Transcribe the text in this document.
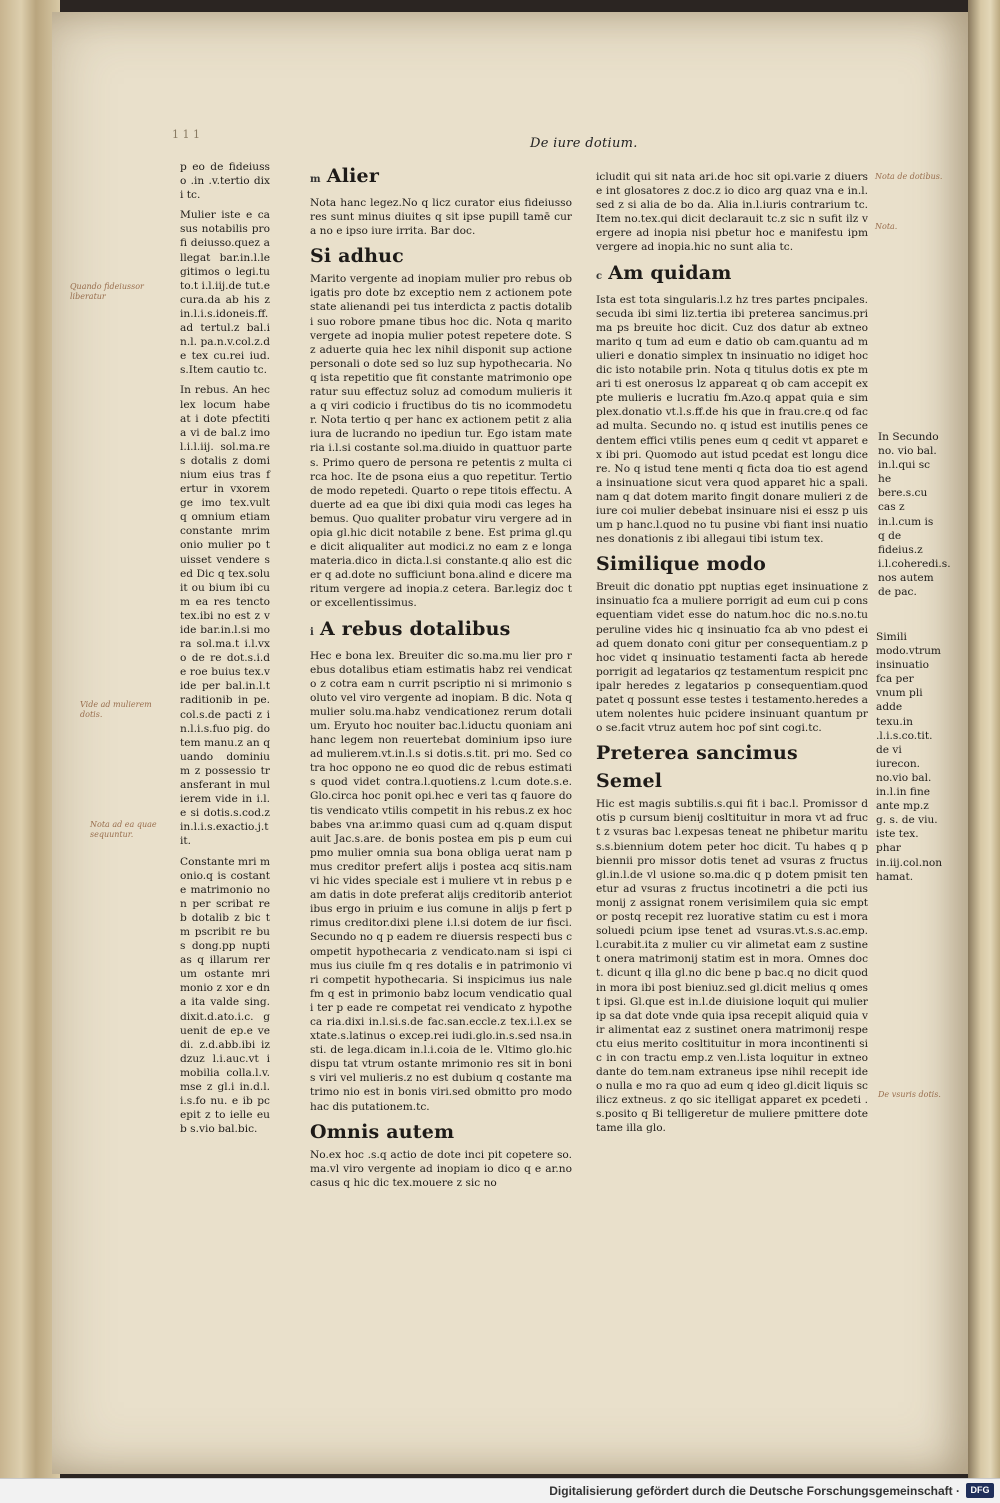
1 1 1
De iure dotium.

p eo de fideiusso .in .v.tertio dixi tc.

Mulier iste e ca sus notabilis pro fi deiusso.quez allegat bar.in.l.legitimos o legi.tuto.t i.l.iij.de tut.e cura.da ab his z in.l.i.s.idoneis.ff. ad tertul.z bal.in.l. pa.n.v.col.z.de tex cu.rei iud.s.Item cautio tc.

In rebus. An hec lex locum habe at i dote pfectitia vi de bal.z imol.i.l.iij. sol.ma.res dotalis z dominium eius tras fertur in vxorem ge imo tex.vult q omnium etiam constante mrimonio mulier po tuisset vendere sed Dic q tex.soluit ou bium ibi cum ea res tencto tex.ibi no est z vide bar.in.l.si mo ra sol.ma.t i.l.vxo de re dot.s.i.de roe buius tex.vide per bal.in.l.traditionib in pe.col.s.de pacti z in.l.i.s.fuo pig. dotem manu.z an quando dominium z possessio transferant in mulierem vide in i.l.e si dotis.s.cod.z in.l.i.s.exactio.j.tit.

Constante mri monio.q is costante matrimonio non per scribat reb dotalib z bic tm pscribit re bus dong.pp nupti as q illarum rerum ostante mrimonio z xor e dna ita valde sing.dixit.d.ato.i.c. guenit de ep.e vedi. z.d.abb.ibi iz dzuz l.i.auc.vt imobilia colla.l.v.mse z gl.i in.d.l.i.s.fo nu. e ib pcepit z to ielle eu b s.vio bal.bic.

m Alier

Nota hanc legez.No q licz curator eius fideiusso res sunt minus diuites q sit ipse pupill tamē cura no e ipso iure irrita. Bar doc.

Si adhuc

Marito vergente ad inopiam mulier pro rebus ob igatis pro dote bz exceptio nem z actionem potestate alienandi pei tus interdicta z pactis dotalib i suo robore pmane tibus hoc dic. Nota q marito vergete ad inopia mulier potest repetere dote. Sz aduerte quia hec lex nihil disponit sup actione personali o dote sed so luz sup hypothecaria. No q ista repetitio que fit constante matrimonio operatur suu effectuz soluz ad comodum mulieris ita q viri codicio i fructibus do tis no icommodetur. Nota tertio q per hanc ex actionem petit z alia iura de lucrando no ipediun tur. Ego istam materia i.l.si costante sol.ma.diuido in quattuor partes. Primo quero de persona re petentis z multa circa hoc. Ite de psona eius a quo repetitur. Tertio de modo repetedi. Quarto o repe titois effectu. Aduerte ad ea que ibi dixi quia modi cas leges habemus. Quo qualiter probatur viru vergere ad inopia gl.hic dicit notabile z bene. Est prima gl.que dicit aliqualiter aut modici.z no eam z e longa materia.dico in dicta.l.si constante.q alio est dicer q ad.dote no sufficiunt bona.alind e dicere maritum vergere ad inopia.z cetera. Bar.legiz doc tor excellentissimus.

i A rebus dotalibus

Hec e bona lex. Breuiter dic so.ma.mu lier pro rebus dotalibus etiam estimatis habz rei vendicato z cotra eam n currit pscriptio ni si mrimonio soluto vel viro vergente ad inopiam. B dic. Nota q mulier solu.ma.habz vendicationez rerum dotalium. Eryuto hoc nouiter bac.l.iductu quoniam ani hanc legem non reuertebat dominium ipso iure ad mulierem.vt.in.l.s si dotis.s.tit. pri mo. Sed cotra hoc oppono ne eo quod dic de rebus estimatis quod videt contra.l.quotiens.z l.cum dote.s.e. Glo.circa hoc ponit opi.hec e veri tas q fauore dotis vendicato vtilis competit in his rebus.z ex hoc babes vna ar.immo quasi cum ad q.quam disputauit Jac.s.are. de bonis postea em pis p eum cui pmo mulier omnia sua bona obliga uerat nam pmus creditor prefert alijs i postea acq sitis.nam vi hic vides speciale est i muliere vt in rebus p eam datis in dote preferat alijs creditorib anteriotibus ergo in priuim e ius comune in alijs p fert primus creditor.dixi plene i.l.si dotem de iur fisci. Secundo no q p eadem re diuersis respecti bus competit hypothecaria z vendicato.nam si ispi cimus ius ciuile fm q res dotalis e in patrimonio viri competit hypothecaria. Si inspicimus ius nale fm q est in primonio babz locum vendicatio quali ter p eade re competat rei vendicato z hypotheca ria.dixi in.l.si.s.de fac.san.eccle.z tex.i.l.ex sextate.s.latinus o excep.rei iudi.glo.in.s.sed nsa.insti. de lega.dicam in.l.i.coia de le. Vltimo glo.hic dispu tat vtrum ostante mrimonio res sit in bonis viri vel mulieris.z no est dubium q costante matrimo nio est in bonis viri.sed obmitto pro modo hac dis putationem.tc.

Omnis autem

No.ex hoc .s.q actio de dote inci pit copetere so.ma.vl viro vergente ad inopiam io dico q e ar.no casus q hic dic tex.mouere z sic no

icludit qui sit nata ari.de hoc sit opi.varie z diuerse int glosatores z doc.z io dico arg quaz vna e in.l. sed z si alia de bo da. Alia in.l.iuris contrarium tc. Item no.tex.qui dicit declarauit tc.z sic n sufit ilz vergere ad inopia nisi pbetur hoc e manifestu ipm vergere ad inopia.hic no sunt alia tc.

c Am quidam

Ista est tota singularis.l.z hz tres partes pncipales.secuda ibi simi liz.tertia ibi preterea sancimus.prima ps breuite hoc dicit. Cuz dos datur ab extneo marito q tum ad eum e datio ob cam.quantu ad mulieri e donatio simplex tn insinuatio no idiget hoc dic isto notabile prin. Nota q titulus dotis ex pte mari ti est onerosus lz appareat q ob cam accepit ex pte mulieris e lucratiu fm.Azo.q appat quia e sim plex.donatio vt.l.s.ff.de his que in frau.cre.q od fac ad multa. Secundo no. q istud est inutilis penes cedentem effici vtilis penes eum q cedit vt apparet ex ibi pri. Quomodo aut istud pcedat est longu dicere. No q istud tene menti q ficta doa tio est agenda insinuatione sicut vera quod apparet hic a spali.nam q dat dotem marito fingit donare mulieri z de iure coi mulier debebat insinuare nisi ei essz p uisum p hanc.l.quod no tu pusine vbi fiant insi nuationes donationis z ibi allegaui tibi istum tex.

Similique modo

Breuit dic donatio ppt nuptias eget insinuatione z insinuatio fca a muliere porrigit ad eum cui p consequentiam videt esse do natum.hoc dic no.s.no.tu peruline vides hic q insinuatio fca ab vno pdest ei ad quem donato coni gitur per consequentiam.z p hoc videt q insinuatio testamenti facta ab herede porrigit ad legatarios qz testamentum respicit pncipalr heredes z legatarios p consequentiam.quod patet q possunt esse testes i testamento.heredes autem nolentes huic pcidere insinuant quantum pro se.facit vtruz autem hoc pof sint cogi.tc.

Preterea sancimus
Semel

Hic est magis subtilis.s.qui fit i bac.l. Promissor dotis p cursum bienij cosltituitur in mora vt ad fruct z vsuras bac l.expesas teneat ne phibetur maritus.s.biennium dotem peter hoc dicit. Tu habes q p biennii pro missor dotis tenet ad vsuras z fructus gl.in.l.de vl usione so.ma.dic q p dotem pmisit tenetur ad vsuras z fructus incotinetri a die pcti ius monij z assignat ronem verisimilem quia sic emptor postq recepit rez luorative statim cu est i mora soluedi pcium ipse tenet ad vsuras.vt.s.s.ac.emp. l.curabit.ita z mulier cu vir alimetat eam z sustinet onera matrimonij statim est in mora. Omnes doct. dicunt q illa gl.no dic bene p bac.q no dicit quod in mora ibi post bieniuz.sed gl.dicit melius q omest ipsi. Gl.que est in.l.de diuisione loquit qui mulier ip sa dat dote vnde quia ipsa recepit aliquid quia vir alimentat eaz z sustinet onera matrimonij respectu eius merito cosltituitur in mora incontinenti sic in con tractu emp.z ven.l.ista loquitur in extneo dante do tem.nam extraneus ipse nihil recepit ideo nulla e mo ra quo ad eum q ideo gl.dicit liquis scilicz extneus. z qo sic itelligat apparet ex pcedeti .s.posito q Bi telligeretur de muliere pmittere dote tame illa glo.

In Secundo no. vio bal. in.l.qui sc he bere.s.cu cas z in.l.cum is q de fideius.z i.l.coheredi.s. nos autem de pac.
Simili modo.vtrum insinuatio fca per vnum pli adde texu.in .l.i.s.co.tit. de vi iurecon. no.vio bal. in.l.in fine ante mp.z g. s. de viu. iste tex. phar in.iij.col.non hamat.
Quando fideiussor liberatur
Vide ad mulierem dotis.
Nota ad ea quae sequuntur.
Nota de dotibus.
Nota.
De vsuris dotis.
Digitalisierung gefördert durch die Deutsche Forschungsgemeinschaft ·	DFG
